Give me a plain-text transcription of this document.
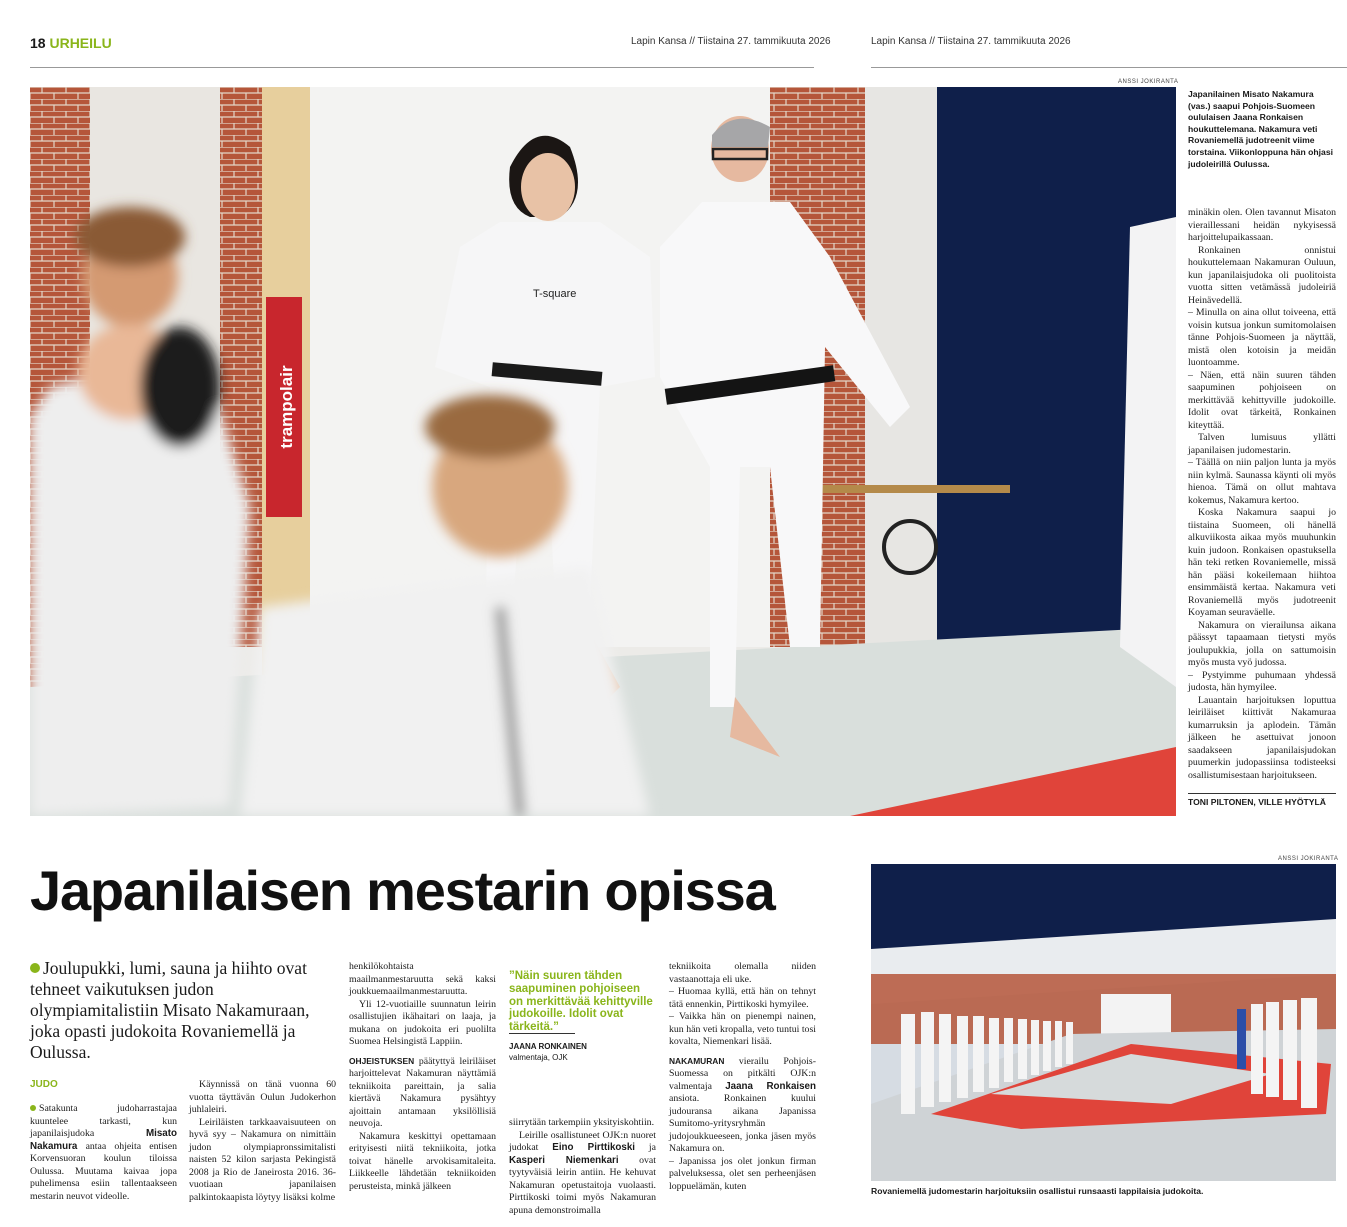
18 URHEILU	Lapin Kansa // Tiistaina 27. tammikuuta 2026	Lapin Kansa // Tiistaina 27. tammikuuta 2026
ANSSI JOKIRANTA
trampolair
T-square
Japanilainen Misato Nakamura (vas.) saapui Pohjois-Suomeen oululaisen Jaana Ronkaisen houkuttelemana. Nakamura veti Rovaniemellä judotreenit viime torstaina. Viikonloppuna hän ohjasi judoleirillä Oulussa.

minäkin olen. Olen tavannut Misaton vieraillessani heidän nykyisessä harjoittelupaikassaan.

Ronkainen onnistui houkuttelemaan Nakamuran Ouluun, kun japanilaisjudoka oli puolitoista vuotta sitten vetämässä judoleiriä Heinävedellä.

– Minulla on aina ollut toiveena, että voisin kutsua jonkun sumitomolaisen tänne Pohjois-Suomeen ja näyttää, mistä olen kotoisin ja meidän luontoamme.

– Näen, että näin suuren tähden saapuminen pohjoiseen on merkittävää kehittyville judokoille. Idolit ovat tärkeitä, Ronkainen kiteyttää.

Talven lumisuus yllätti japanilaisen judomestarin.

– Täällä on niin paljon lunta ja myös niin kylmä. Saunassa käynti oli myös hienoa. Tämä on ollut mahtava kokemus, Nakamura kertoo.

Koska Nakamura saapui jo tiistaina Suomeen, oli hänellä alkuviikosta aikaa myös muuhunkin kuin judoon. Ronkaisen opastuksella hän teki retken Rovaniemelle, missä hän pääsi kokeilemaan hiihtoa ensimmäistä kertaa. Nakamura veti Rovaniemellä myös judotreenit Koyaman seuraväelle.

Nakamura on vierailunsa aikana päässyt tapaamaan tietysti myös joulupukkia, jolla on sattumoisin myös musta vyö judossa.

– Pystyimme puhumaan yhdessä judosta, hän hymyilee.

Lauantain harjoituksen loputtua leiriläiset kiittivät Nakamuraa kumarruksin ja aplodein. Tämän jälkeen he asettuivat jonoon saadakseen japanilaisjudokan puumerkin judopassiinsa todisteeksi osallistumisestaan harjoitukseen.

TONI PILTONEN, VILLE HYÖTYLÄ
Japanilaisen mestarin opissa
Joulupukki, lumi, sauna ja hiihto ovat tehneet vaikutuksen judon olympiamitalistiin Misato Nakamuraan, joka opasti judokoita Rovaniemellä ja Oulussa.
JUDO

Satakunta judoharrastajaa kuuntelee tarkasti, kun japanilaisjudoka Misato Nakamura antaa ohjeita entisen Korvensuoran koulun tiloissa Oulussa. Muutama kaivaa jopa puhelimensa esiin tallentaakseen mestarin neuvot videolle.

Käynnissä on tänä vuonna 60 vuotta täyttävän Oulun Judokerhon juhlaleiri.

Leiriläisten tarkkaavaisuuteen on hyvä syy – Nakamura on nimittäin judon olympiapronssimitalisti naisten 52 kilon sarjasta Pekingistä 2008 ja Rio de Janeirosta 2016. 36-vuotiaan japanilaisen palkintokaapista löytyy lisäksi kolme

henkilökohtaista maailmanmestaruutta sekä kaksi joukkuemaailmanmestaruutta.

Yli 12-vuotiaille suunnatun leirin osallistujien ikähaitari on laaja, ja mukana on judokoita eri puolilta Suomea Helsingistä Lappiin.

OHJEISTUKSEN päätyttyä leiriläiset harjoittelevat Nakamuran näyttämiä tekniikoita pareittain, ja salia kiertävä Nakamura pysähtyy ajoittain antamaan yksilöllisiä neuvoja.

Nakamura keskittyi opettamaan erityisesti niitä tekniikoita, jotka toivat hänelle arvokisamitaleita. Liikkeelle lähdetään tekniikoiden perusteista, minkä jälkeen

”Näin suuren tähden saapuminen pohjoiseen on merkittävää kehittyville judokoille. Idolit ovat tärkeitä.”
JAANA RONKAINEN
valmentaja, OJK

siirrytään tarkempiin yksityiskohtiin.

Leirille osallistuneet OJK:n nuoret judokat Eino Pirttikoski ja Kasperi Niemenkari ovat tyytyväisiä leirin antiin. He kehuvat Nakamuran opetustaitoja vuolaasti. Pirttikoski toimi myös Nakamuran apuna demonstroimalla

tekniikoita olemalla niiden vastaanottaja eli uke.

– Huomaa kyllä, että hän on tehnyt tätä ennenkin, Pirttikoski hymyilee.

– Vaikka hän on pienempi nainen, kun hän veti kropalla, veto tuntui tosi kovalta, Niemenkari lisää.

NAKAMURAN vierailu Pohjois-Suomessa on pitkälti OJK:n valmentaja Jaana Ronkaisen ansiota. Ronkainen kuului judouransa aikana Japanissa Sumitomo-yritysryhmän judojoukkueeseen, jonka jäsen myös Nakamura on.

– Japanissa jos olet jonkun firman palveluksessa, olet sen perheenjäsen loppuelämän, kuten

ANSSI JOKIRANTA
Rovaniemellä judomestarin harjoituksiin osallistui runsaasti lappilaisia judokoita.
